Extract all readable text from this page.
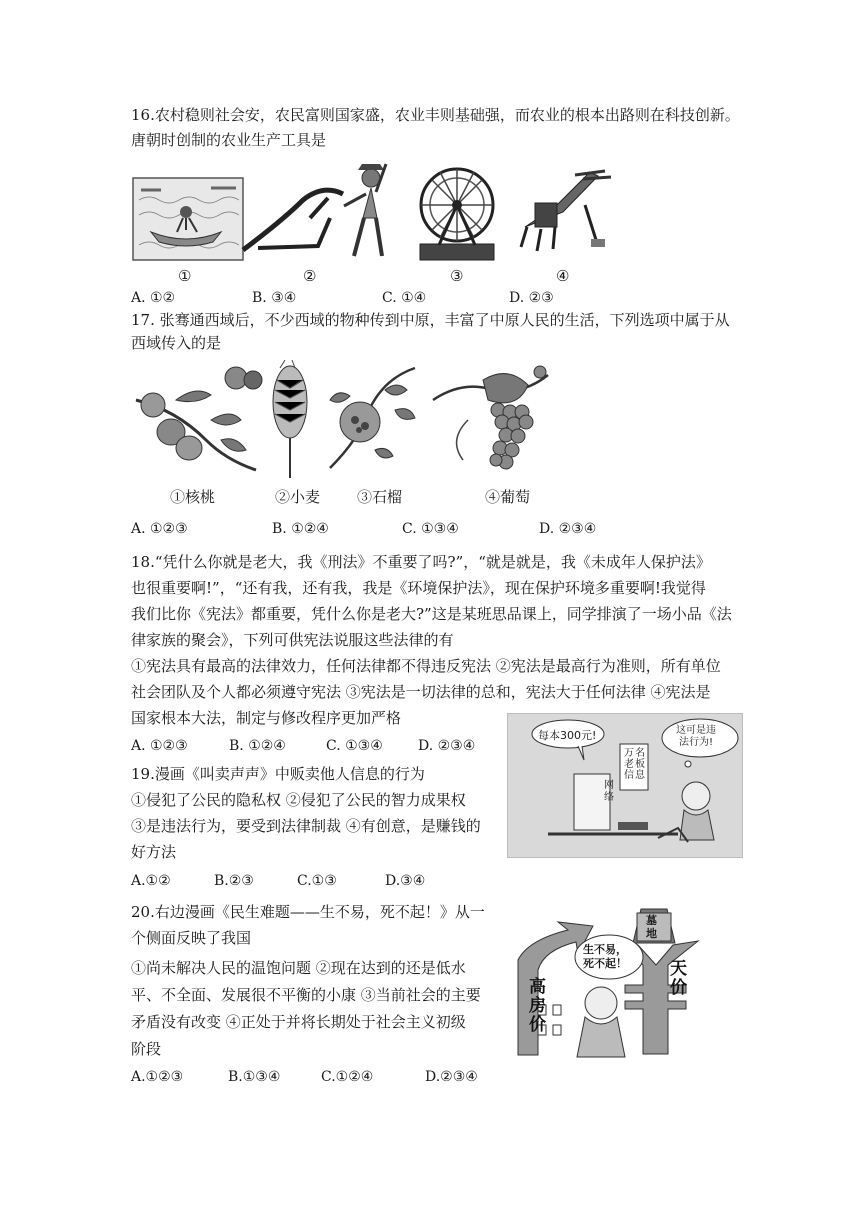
16.农村稳则社会安，农民富则国家盛，农业丰则基础强，而农业的根本出路则在科技创新。
唐朝时创制的农业生产工具是
①	②	③	④
A. ①②	B. ③④	C. ①④	D. ②③
17. 张骞通西域后，不少西域的物种传到中原，丰富了中原人民的生活，下列选项中属于从
西域传入的是
①核桃	②小麦 ③石榴	④葡萄
A. ①②③	B. ①②④	C. ①③④	D. ②③④
18.“凭什么你就是老大，我《刑法》不重要了吗?”，“就是就是，我《未成年人保护法》
也很重要啊!”，“还有我，还有我，我是《环境保护法》，现在保护环境多重要啊!我觉得
我们比你《宪法》都重要，凭什么你是老大?”这是某班思品课上，同学排演了一场小品《法
律家族的聚会》，下列可供宪法说服这些法律的有
①宪法具有最高的法律效力，任何法律都不得违反宪法 ②宪法是最高行为准则，所有单位
社会团队及个人都必须遵守宪法 ③宪法是一切法律的总和，宪法大于任何法律 ④宪法是
国家根本大法，制定与修改程序更加严格
A. ①②③	B. ①②④	C. ①③④	D. ②③④
每本300元!	这可是违
法行为!
万 名
老 板
信 息
网
络
19.漫画《叫卖声声》中贩卖他人信息的行为
①侵犯了公民的隐私权 ②侵犯了公民的智力成果权
③是违法行为，要受到法律制裁 ④有创意，是赚钱的
好方法
A.①②	B.②③	C.①③	D.③④
20.右边漫画《民生难题——生不易，死不起！》从一
个侧面反映了我国
①尚未解决人民的温饱问题 ②现在达到的还是低水
平、不全面、发展很不平衡的小康 ③当前社会的主要
矛盾没有改变 ④正处于并将长期处于社会主义初级
阶段
A.①②③	B.①③④	C.①②④	D.②③④
高
房
价
天
价
墓
地
生不易，
死不起！
